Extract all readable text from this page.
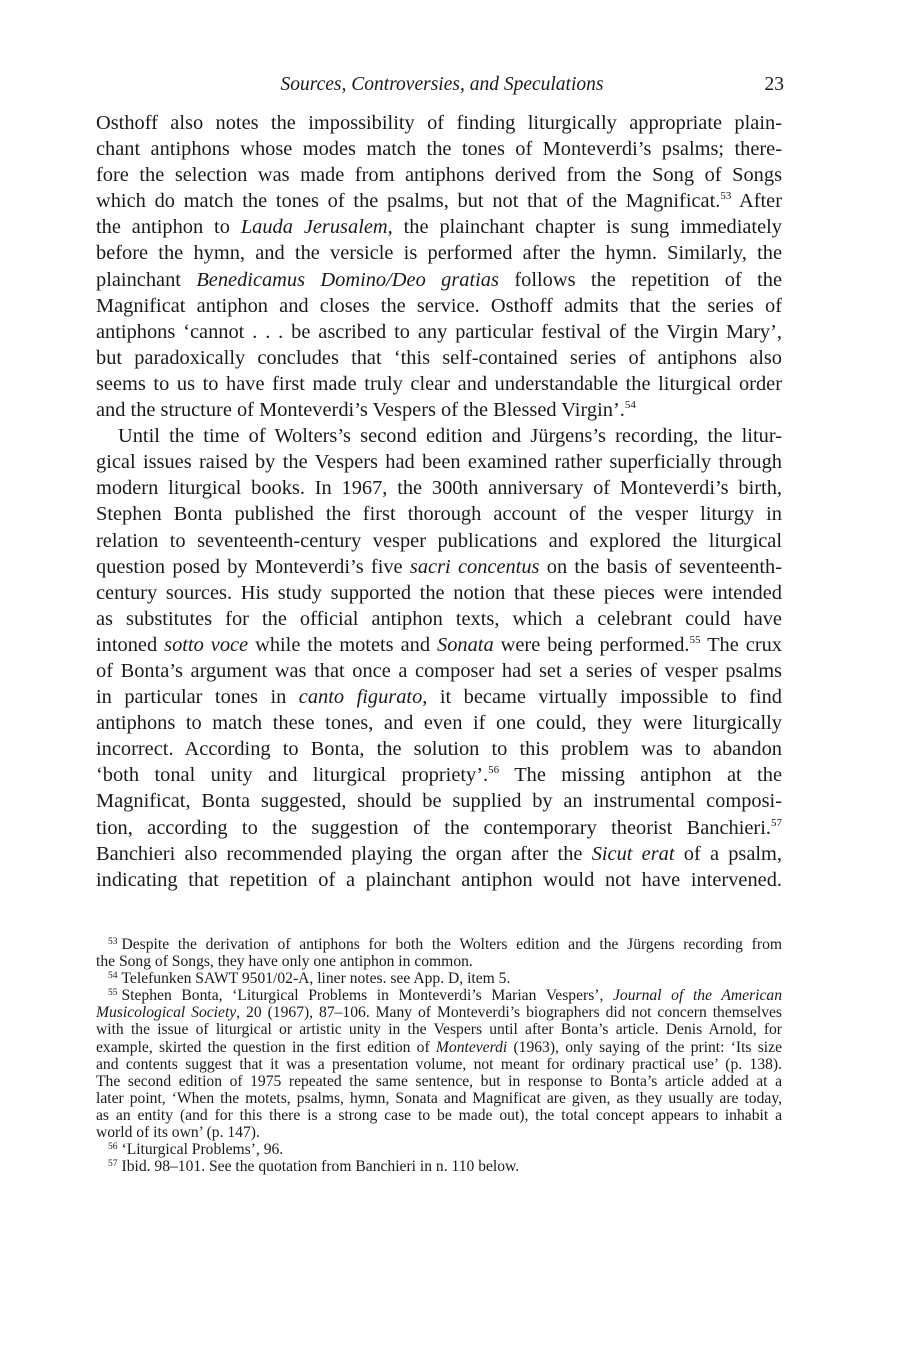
Sources, Controversies, and Speculations	23
Osthoff also notes the impossibility of finding liturgically appropriate plain-
chant antiphons whose modes match the tones of Monteverdi’s psalms; there-
fore the selection was made from antiphons derived from the Song of Songs
which do match the tones of the psalms, but not that of the Magnificat.$^{53}$ After
the antiphon to Lauda Jerusalem, the plainchant chapter is sung immediately
before the hymn, and the versicle is performed after the hymn. Similarly, the
plainchant Benedicamus Domino/Deo gratias follows the repetition of the
Magnificat antiphon and closes the service. Osthoff admits that the series of
antiphons ‘cannot . . . be ascribed to any particular festival of the Virgin Mary’,
but paradoxically concludes that ‘this self-contained series of antiphons also
seems to us to have first made truly clear and understandable the liturgical order
and the structure of Monteverdi’s Vespers of the Blessed Virgin’.$^{54}$
Until the time of Wolters’s second edition and Jürgens’s recording, the litur-
gical issues raised by the Vespers had been examined rather superficially through
modern liturgical books. In 1967, the 300th anniversary of Monteverdi’s birth,
Stephen Bonta published the first thorough account of the vesper liturgy in
relation to seventeenth-century vesper publications and explored the liturgical
question posed by Monteverdi’s five sacri concentus on the basis of seventeenth-
century sources. His study supported the notion that these pieces were intended
as substitutes for the official antiphon texts, which a celebrant could have
intoned sotto voce while the motets and Sonata were being performed.$^{55}$ The crux
of Bonta’s argument was that once a composer had set a series of vesper psalms
in particular tones in canto figurato, it became virtually impossible to find
antiphons to match these tones, and even if one could, they were liturgically
incorrect. According to Bonta, the solution to this problem was to abandon
‘both tonal unity and liturgical propriety’.$^{56}$ The missing antiphon at the
Magnificat, Bonta suggested, should be supplied by an instrumental composi-
tion, according to the suggestion of the contemporary theorist Banchieri.$^{57}$
Banchieri also recommended playing the organ after the Sicut erat of a psalm,
indicating that repetition of a plainchant antiphon would not have intervened.
$^{53}$ Despite the derivation of antiphons for both the Wolters edition and the Jürgens recording from
the Song of Songs, they have only one antiphon in common.
$^{54}$ Telefunken SAWT 9501/02-A, liner notes. see App. D, item 5.
$^{55}$ Stephen Bonta, ‘Liturgical Problems in Monteverdi’s Marian Vespers’, Journal of the American
Musicological Society, 20 (1967), 87–106. Many of Monteverdi’s biographers did not concern themselves
with the issue of liturgical or artistic unity in the Vespers until after Bonta’s article. Denis Arnold, for
example, skirted the question in the first edition of Monteverdi (1963), only saying of the print: ‘Its size
and contents suggest that it was a presentation volume, not meant for ordinary practical use’ (p. 138).
The second edition of 1975 repeated the same sentence, but in response to Bonta’s article added at a
later point, ‘When the motets, psalms, hymn, Sonata and Magnificat are given, as they usually are today,
as an entity (and for this there is a strong case to be made out), the total concept appears to inhabit a
world of its own’ (p. 147).
$^{56}$ ‘Liturgical Problems’, 96.
$^{57}$ Ibid. 98–101. See the quotation from Banchieri in n. 110 below.
